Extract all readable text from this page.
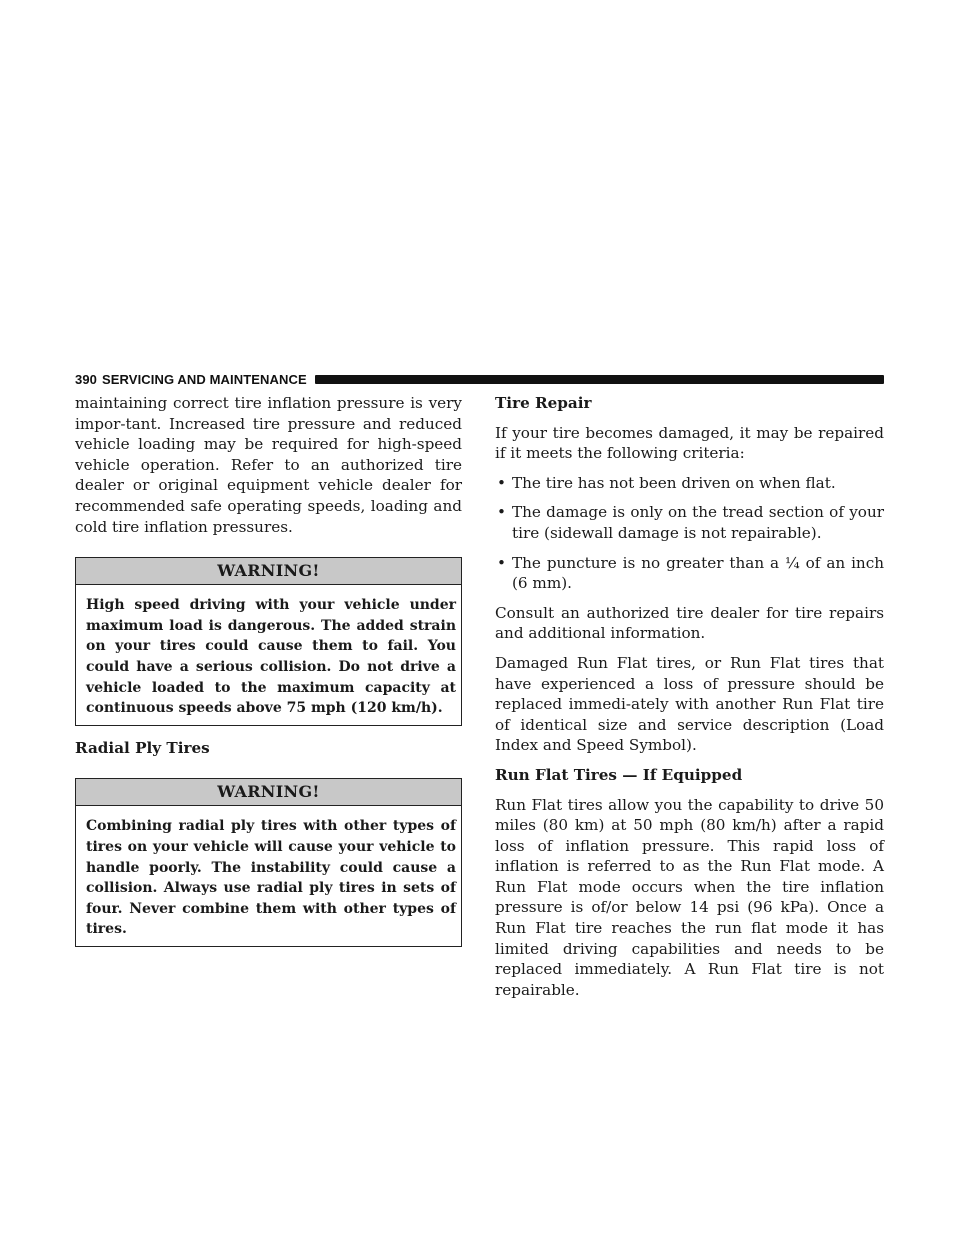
390 SERVICING AND MAINTENANCE

maintaining correct tire inflation pressure is very impor-tant. Increased tire pressure and reduced vehicle loading may be required for high-speed vehicle operation. Refer to an authorized tire dealer or original equipment vehicle dealer for recommended safe operating speeds, loading and cold tire inflation pressures.

WARNING!
High speed driving with your vehicle under maximum load is dangerous. The added strain on your tires could cause them to fail. You could have a serious collision. Do not drive a vehicle loaded to the maximum capacity at continuous speeds above 75 mph (120 km/h).
Radial Ply Tires
WARNING!
Combining radial ply tires with other types of tires on your vehicle will cause your vehicle to handle poorly. The instability could cause a collision. Always use radial ply tires in sets of four. Never combine them with other types of tires.
Tire Repair

If your tire becomes damaged, it may be repaired if it meets the following criteria:

• The tire has not been driven on when flat.
• The damage is only on the tread section of your tire (sidewall damage is not repairable).
• The puncture is no greater than a ¼ of an inch (6 mm).

Consult an authorized tire dealer for tire repairs and additional information.

Damaged Run Flat tires, or Run Flat tires that have experienced a loss of pressure should be replaced immedi-ately with another Run Flat tire of identical size and service description (Load Index and Speed Symbol).

Run Flat Tires — If Equipped

Run Flat tires allow you the capability to drive 50 miles (80 km) at 50 mph (80 km/h) after a rapid loss of inflation pressure. This rapid loss of inflation is referred to as the Run Flat mode. A Run Flat mode occurs when the tire inflation pressure is of/or below 14 psi (96 kPa). Once a Run Flat tire reaches the run flat mode it has limited driving capabilities and needs to be replaced immediately. A Run Flat tire is not repairable.
